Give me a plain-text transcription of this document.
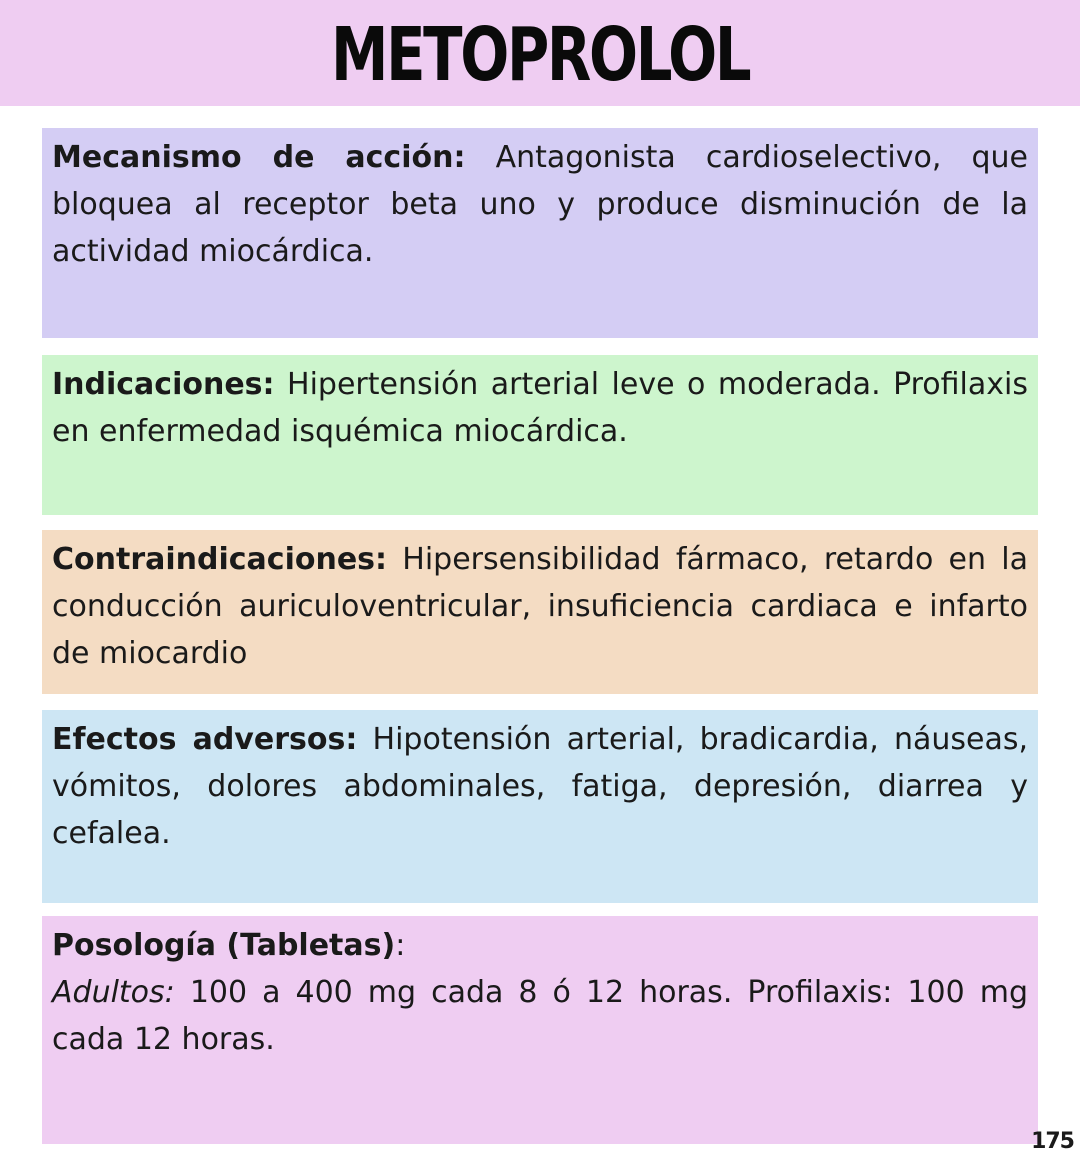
METOPROLOL
Mecanismo de acción: Antagonista cardioselectivo, que bloquea al receptor beta uno y produce disminución de la actividad miocárdica.
Indicaciones: Hipertensión arterial leve o moderada. Profilaxis en enfermedad isquémica miocárdica.
Contraindicaciones: Hipersensibilidad fármaco, retardo en la conducción auriculoventricular, insuficiencia cardiaca e infarto de miocardio
Efectos adversos: Hipotensión arterial, bradicardia, náuseas, vómitos, dolores abdominales, fatiga, depresión, diarrea y cefalea.
Posología (Tabletas):
Adultos: 100 a 400 mg cada 8 ó 12 horas. Profilaxis: 100 mg cada 12 horas.
175
